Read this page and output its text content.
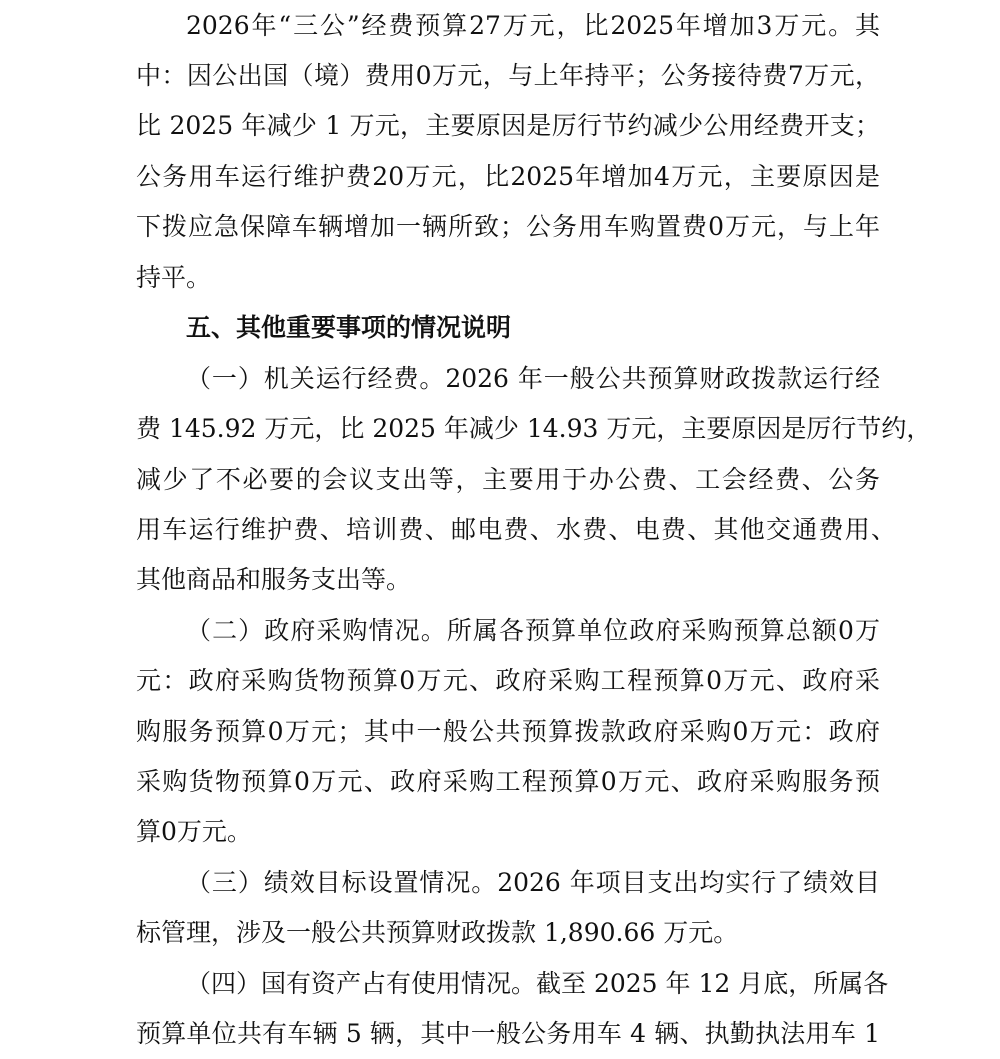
2026年“三公”经费预算27万元，比2025年增加3万元。其
中：因公出国（境）费用0万元，与上年持平；公务接待费7万元，
比 2025 年减少 1 万元，主要原因是厉行节约减少公用经费开支；
公务用车运行维护费20万元，比2025年增加4万元，主要原因是
下拨应急保障车辆增加一辆所致；公务用车购置费0万元，与上年
持平。
五、其他重要事项的情况说明
（一）机关运行经费。2026 年一般公共预算财政拨款运行经
费 145.92 万元，比 2025 年减少 14.93 万元，主要原因是厉行节约，
减少了不必要的会议支出等，主要用于办公费、工会经费、公务
用车运行维护费、培训费、邮电费、水费、电费、其他交通费用、
其他商品和服务支出等。
（二）政府采购情况。所属各预算单位政府采购预算总额0万
元：政府采购货物预算0万元、政府采购工程预算0万元、政府采
购服务预算0万元；其中一般公共预算拨款政府采购0万元：政府
采购货物预算0万元、政府采购工程预算0万元、政府采购服务预
算0万元。
（三）绩效目标设置情况。2026 年项目支出均实行了绩效目
标管理，涉及一般公共预算财政拨款 1,890.66 万元。
（四）国有资产占有使用情况。截至 2025 年 12 月底，所属各
预算单位共有车辆 5 辆，其中一般公务用车 4 辆、执勤执法用车 1
